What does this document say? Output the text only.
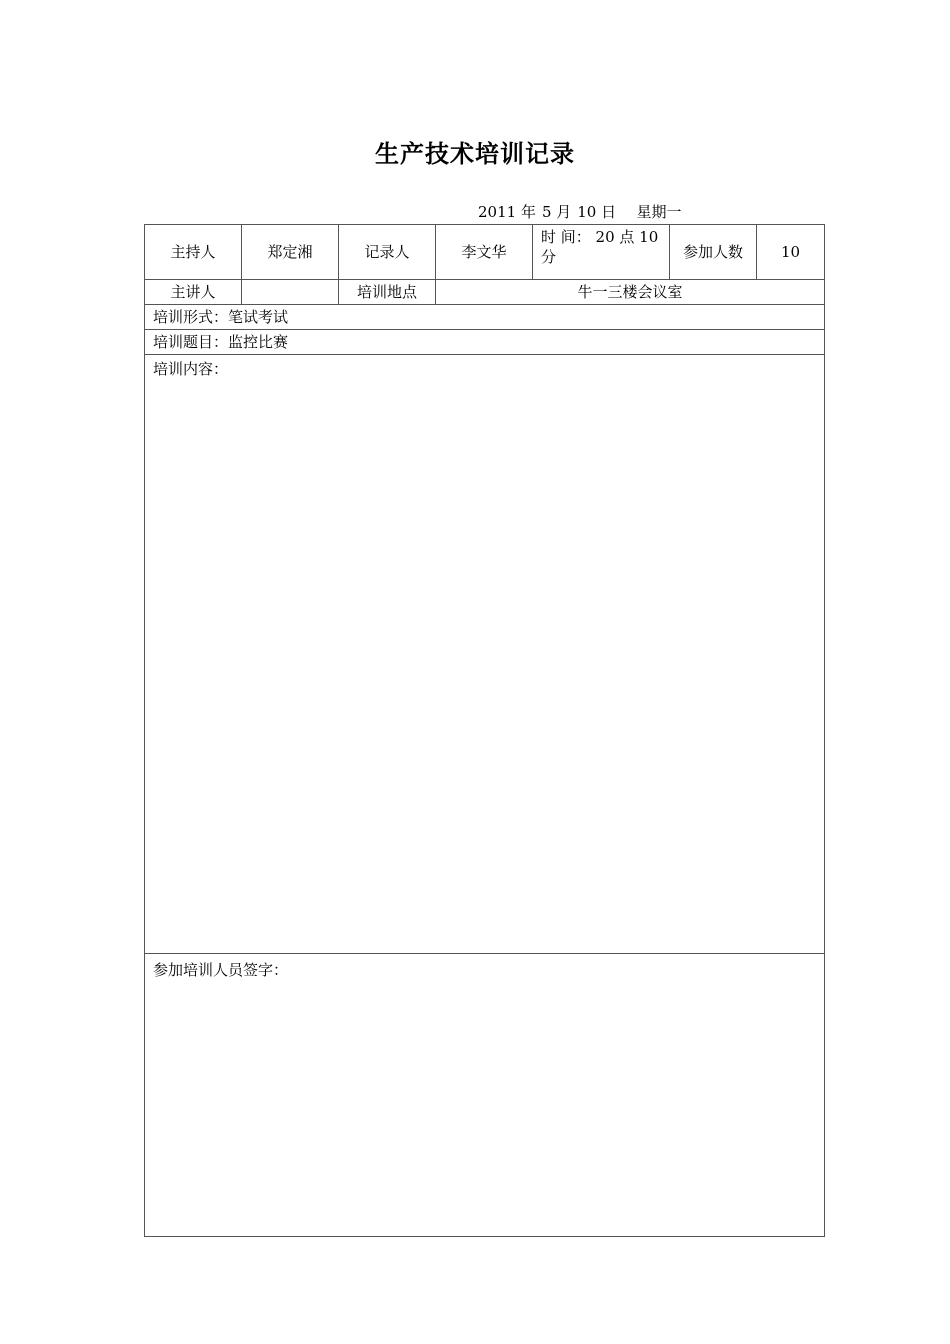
生产技术培训记录
2011 年 5 月 10 日 星期一
主持人	郑定湘	记录人	李文华	时 间： 20 点 10 分	参加人数	10
主讲人		培训地点	牛一三楼会议室			
培训形式：笔试考试						
培训题目：监控比赛						
培训内容：						
参加培训人员签字：						
